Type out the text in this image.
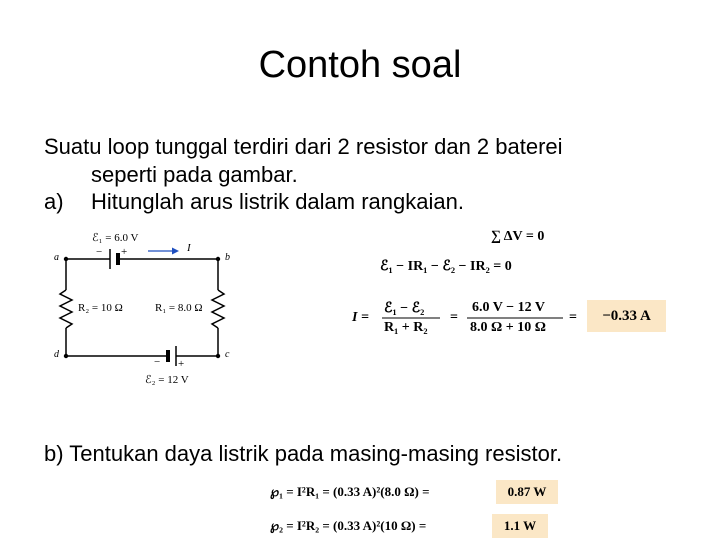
Contoh soal
Suatu loop tunggal terdiri dari 2 resistor dan 2 baterei
seperti pada gambar.
a) Hitunglah arus listrik dalam rangkaian.
ℰ₁ = 6.0 V
− +	I
a	b
c
d
R₂ = 10 Ω	R₁ = 8.0 Ω
− +
ℰ₂ = 12 V
∑ ΔV = 0
ℰ₁ − IR₁ − ℰ₂ − IR₂ = 0
I =
ℰ₁ − ℰ₂
R₁ + R₂
=
6.0 V − 12 V
8.0 Ω + 10 Ω
=	−0.33 A
b) Tentukan daya listrik pada masing-masing resistor.
℘₁ = I²R₁ = (0.33 A)²(8.0 Ω) =	0.87 W
℘₂ = I²R₂ = (0.33 A)²(10 Ω) =	1.1 W
